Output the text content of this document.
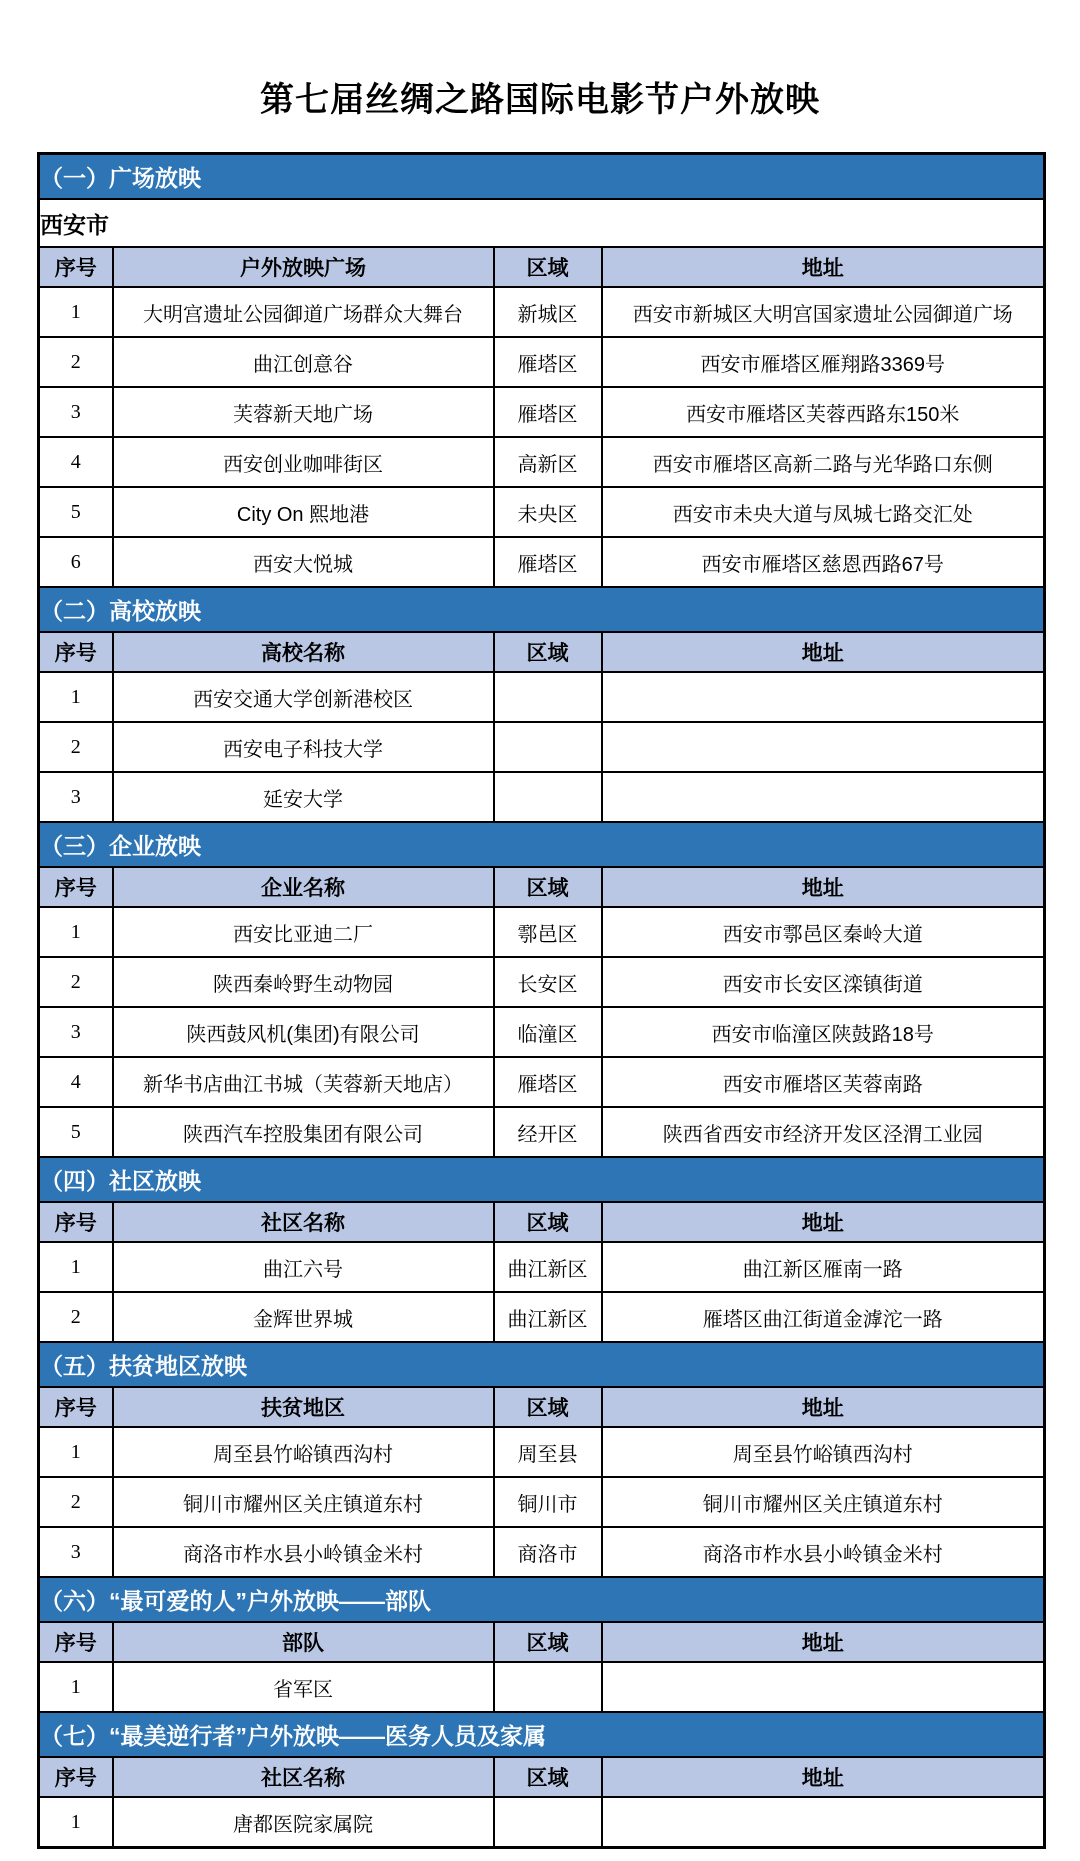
第七届丝绸之路国际电影节户外放映
（一）广场放映			
西安市			
序号	户外放映广场	区域	地址
1	大明宫遗址公园御道广场群众大舞台	新城区	西安市新城区大明宫国家遗址公园御道广场
2	曲江创意谷	雁塔区	西安市雁塔区雁翔路3369号
3	芙蓉新天地广场	雁塔区	西安市雁塔区芙蓉西路东150米
4	西安创业咖啡街区	高新区	西安市雁塔区高新二路与光华路口东侧
5	City On 熙地港	未央区	西安市未央大道与凤城七路交汇处
6	西安大悦城	雁塔区	西安市雁塔区慈恩西路67号
（二）高校放映			
序号	高校名称	区域	地址
1	西安交通大学创新港校区		
2	西安电子科技大学		
3	延安大学		
（三）企业放映			
序号	企业名称	区域	地址
1	西安比亚迪二厂	鄠邑区	西安市鄠邑区秦岭大道
2	陕西秦岭野生动物园	长安区	西安市长安区滦镇街道
3	陕西鼓风机(集团)有限公司	临潼区	西安市临潼区陕鼓路18号
4	新华书店曲江书城（芙蓉新天地店）	雁塔区	西安市雁塔区芙蓉南路
5	陕西汽车控股集团有限公司	经开区	陕西省西安市经济开发区泾渭工业园
（四）社区放映			
序号	社区名称	区域	地址
1	曲江六号	曲江新区	曲江新区雁南一路
2	金辉世界城	曲江新区	雁塔区曲江街道金滹沱一路
（五）扶贫地区放映			
序号	扶贫地区	区域	地址
1	周至县竹峪镇西沟村	周至县	周至县竹峪镇西沟村
2	铜川市耀州区关庄镇道东村	铜川市	铜川市耀州区关庄镇道东村
3	商洛市柞水县小岭镇金米村	商洛市	商洛市柞水县小岭镇金米村
（六）“最可爱的人”户外放映——部队			
序号	部队	区域	地址
1	省军区		
（七）“最美逆行者”户外放映——医务人员及家属			
序号	社区名称	区域	地址
1	唐都医院家属院		
